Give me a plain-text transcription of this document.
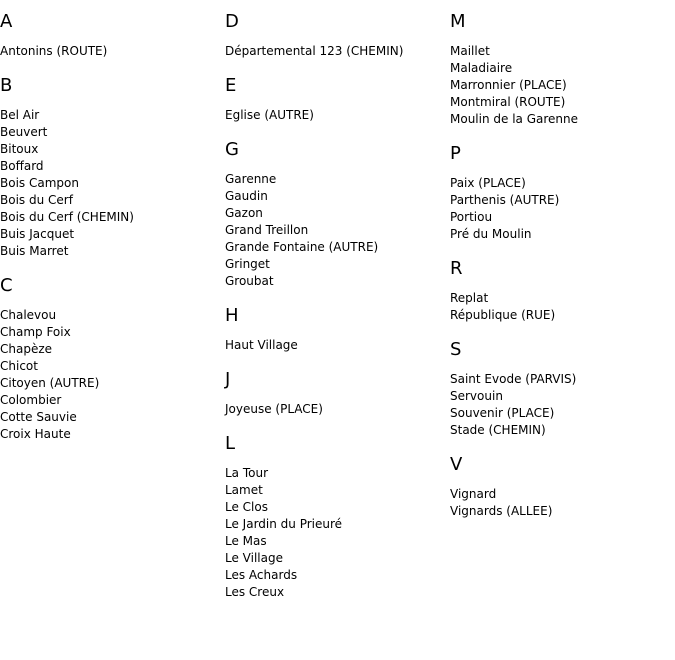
A
Antonins (ROUTE)
B
Bel Air
Beuvert
Bitoux
Boffard
Bois Campon
Bois du Cerf
Bois du Cerf (CHEMIN)
Buis Jacquet
Buis Marret
C
Chalevou
Champ Foix
Chapèze
Chicot
Citoyen (AUTRE)
Colombier
Cotte Sauvie
Croix Haute
D
Départemental 123 (CHEMIN)
E
Eglise (AUTRE)
G
Garenne
Gaudin
Gazon
Grand Treillon
Grande Fontaine (AUTRE)
Gringet
Groubat
H
Haut Village
J
Joyeuse (PLACE)
L
La Tour
Lamet
Le Clos
Le Jardin du Prieuré
Le Mas
Le Village
Les Achards
Les Creux
M
Maillet
Maladiaire
Marronnier (PLACE)
Montmiral (ROUTE)
Moulin de la Garenne
P
Paix (PLACE)
Parthenis (AUTRE)
Portiou
Pré du Moulin
R
Replat
République (RUE)
S
Saint Evode (PARVIS)
Servouin
Souvenir (PLACE)
Stade (CHEMIN)
V
Vignard
Vignards (ALLEE)
